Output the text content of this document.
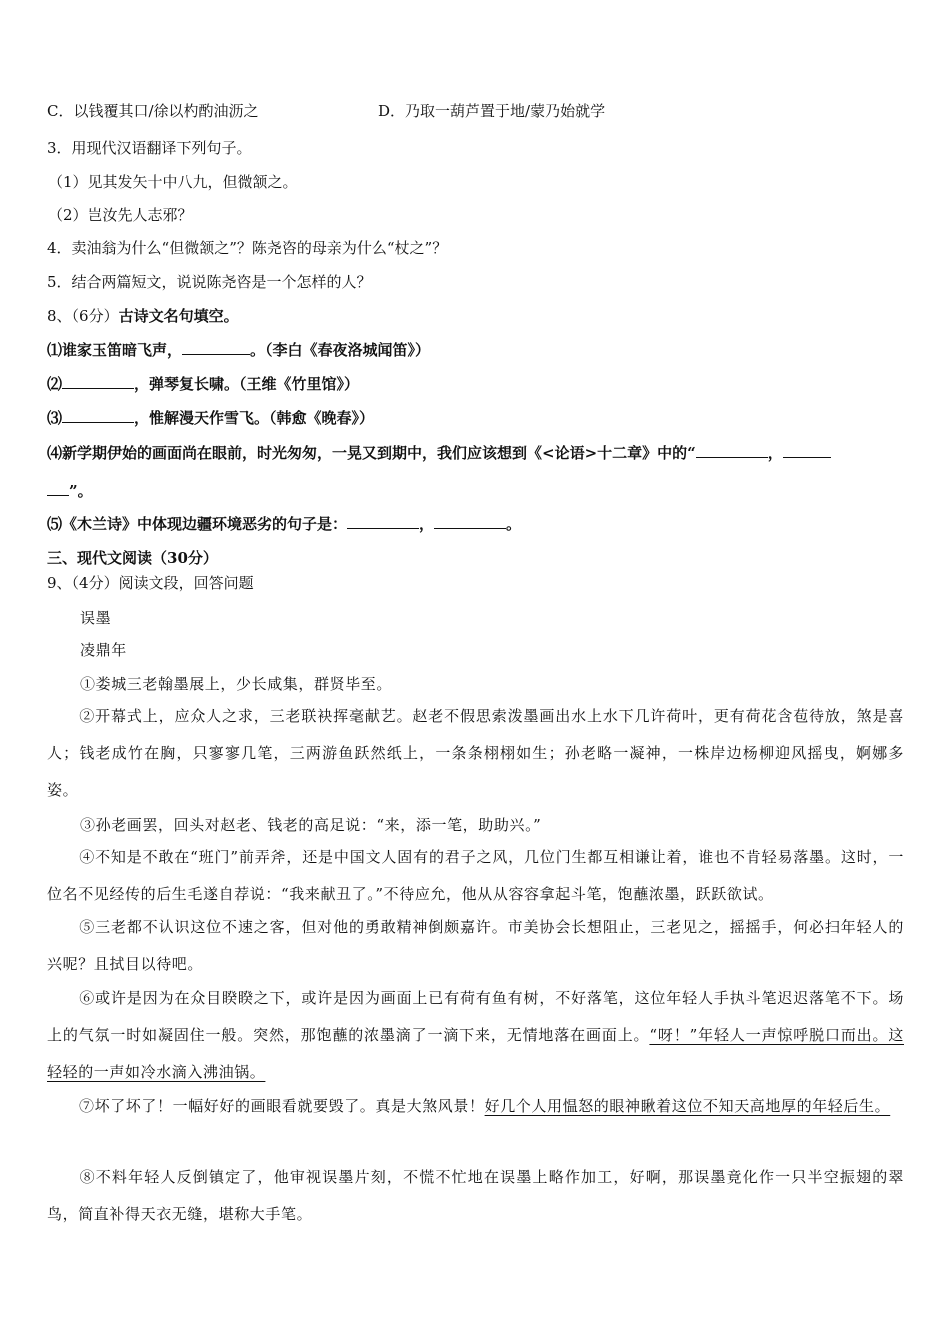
C．以钱覆其口/徐以杓酌油沥之	D．乃取一葫芦置于地/蒙乃始就学
3．用现代汉语翻译下列句子。
（1）见其发矢十中八九，但微颔之。
（2）岂汝先人志邪？
4．卖油翁为什么“但微颔之”？陈尧咨的母亲为什么“杖之”？
5．结合两篇短文，说说陈尧咨是一个怎样的人？
8、（6分）古诗文名句填空。
⑴谁家玉笛暗飞声，	。（李白《春夜洛城闻笛》）
⑵	，弹琴复长啸。（王维《竹里馆》）
⑶	，惟解漫天作雪飞。（韩愈《晚春》）
⑷新学期伊始的画面尚在眼前，时光匆匆，一晃又到期中，我们应该想到《<论语>十二章》中的“	，
”。
⑸《木兰诗》中体现边疆环境恶劣的句子是：	，	。
三、现代文阅读（30分）
9、（4分）阅读文段，回答问题
误墨
凌鼎年
①娄城三老翰墨展上，少长咸集，群贤毕至。
②开幕式上，应众人之求，三老联袂挥毫献艺。赵老不假思索泼墨画出水上水下几许荷叶，更有荷花含苞待放，煞是喜人；钱老成竹在胸，只寥寥几笔，三两游鱼跃然纸上，一条条栩栩如生；孙老略一凝神，一株岸边杨柳迎风摇曳，婀娜多姿。
③孙老画罢，回头对赵老、钱老的高足说：“来，添一笔，助助兴。”
④不知是不敢在“班门”前弄斧，还是中国文人固有的君子之风，几位门生都互相谦让着，谁也不肯轻易落墨。这时，一位名不见经传的后生毛遂自荐说：“我来献丑了。”不待应允，他从从容容拿起斗笔，饱蘸浓墨，跃跃欲试。
⑤三老都不认识这位不速之客，但对他的勇敢精神倒颇嘉许。市美协会长想阻止，三老见之，摇摇手，何必扫年轻人的兴呢？且拭目以待吧。
⑥或许是因为在众目睽睽之下，或许是因为画面上已有荷有鱼有树，不好落笔，这位年轻人手执斗笔迟迟落笔不下。场上的气氛一时如凝固住一般。突然，那饱蘸的浓墨滴了一滴下来，无情地落在画面上。“呀！”年轻人一声惊呼脱口而出。这轻轻的一声如冷水滴入沸油锅。
⑦坏了坏了！一幅好好的画眼看就要毁了。真是大煞风景！好几个人用愠怒的眼神瞅着这位不知天高地厚的年轻后生。
⑧不料年轻人反倒镇定了，他审视误墨片刻，不慌不忙地在误墨上略作加工，好啊，那误墨竟化作一只半空振翅的翠鸟，简直补得天衣无缝，堪称大手笔。
